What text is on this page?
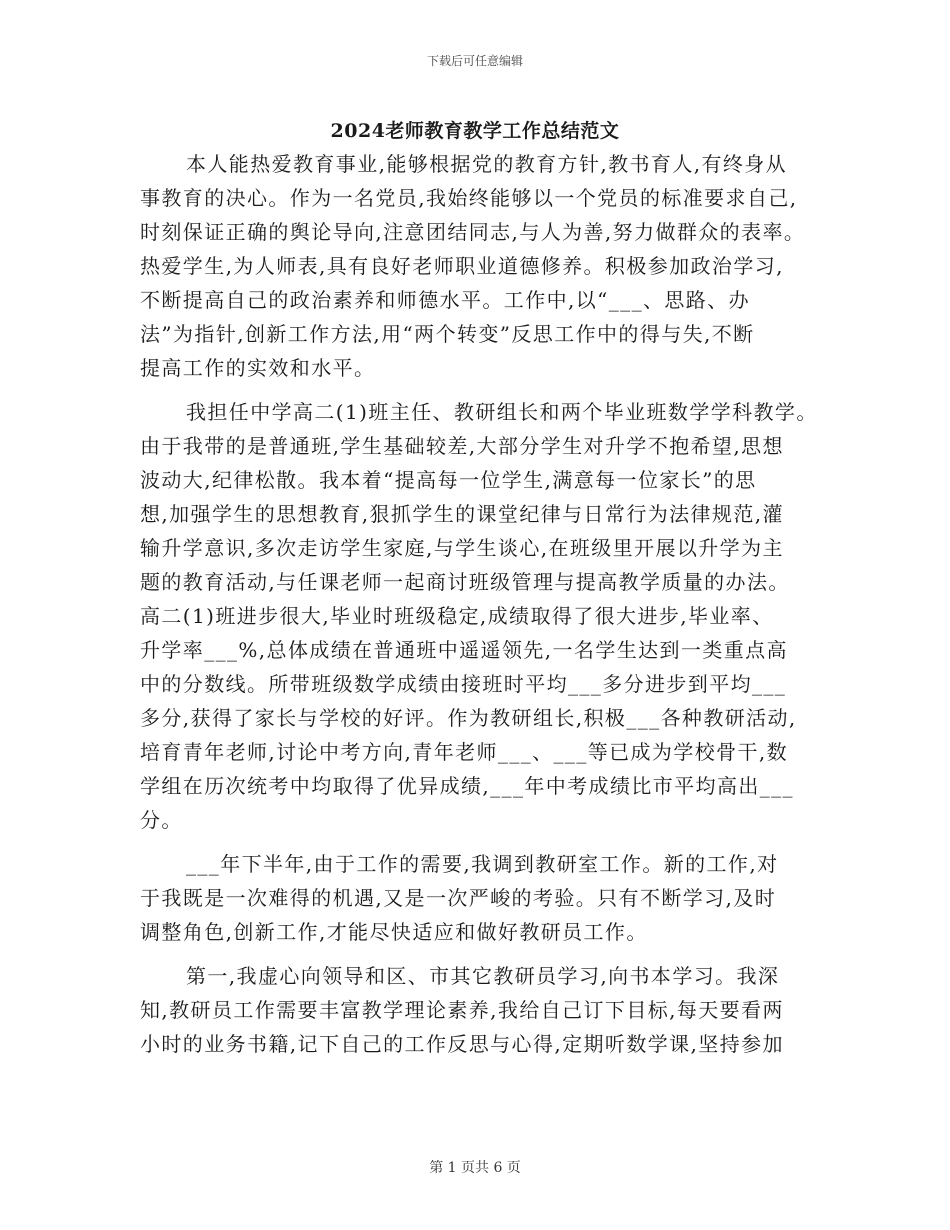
下载后可任意编辑
2024老师教育教学工作总结范文
本人能热爱教育事业,能够根据党的教育方针,教书育人,有终身从
事教育的决心。作为一名党员,我始终能够以一个党员的标准要求自己,
时刻保证正确的舆论导向,注意团结同志,与人为善,努力做群众的表率。
热爱学生,为人师表,具有良好老师职业道德修养。积极参加政治学习,
不断提高自己的政治素养和师德水平。工作中,以“___、思路、办
法”为指针,创新工作方法,用“两个转变”反思工作中的得与失,不断
提高工作的实效和水平。
我担任中学高二(1)班主任、教研组长和两个毕业班数学学科教学。
由于我带的是普通班,学生基础较差,大部分学生对升学不抱希望,思想
波动大,纪律松散。我本着“提高每一位学生,满意每一位家长”的思
想,加强学生的思想教育,狠抓学生的课堂纪律与日常行为法律规范,灌
输升学意识,多次走访学生家庭,与学生谈心,在班级里开展以升学为主
题的教育活动,与任课老师一起商讨班级管理与提高教学质量的办法。
高二(1)班进步很大,毕业时班级稳定,成绩取得了很大进步,毕业率、
升学率___%,总体成绩在普通班中遥遥领先,一名学生达到一类重点高
中的分数线。所带班级数学成绩由接班时平均___多分进步到平均___
多分,获得了家长与学校的好评。作为教研组长,积极___各种教研活动,
培育青年老师,讨论中考方向,青年老师___、___等已成为学校骨干,数
学组在历次统考中均取得了优异成绩,___年中考成绩比市平均高出___
分。
___年下半年,由于工作的需要,我调到教研室工作。新的工作,对
于我既是一次难得的机遇,又是一次严峻的考验。只有不断学习,及时
调整角色,创新工作,才能尽快适应和做好教研员工作。
第一,我虚心向领导和区、市其它教研员学习,向书本学习。我深
知,教研员工作需要丰富教学理论素养,我给自己订下目标,每天要看两
小时的业务书籍,记下自己的工作反思与心得,定期听数学课,坚持参加
第 1 页共 6 页
